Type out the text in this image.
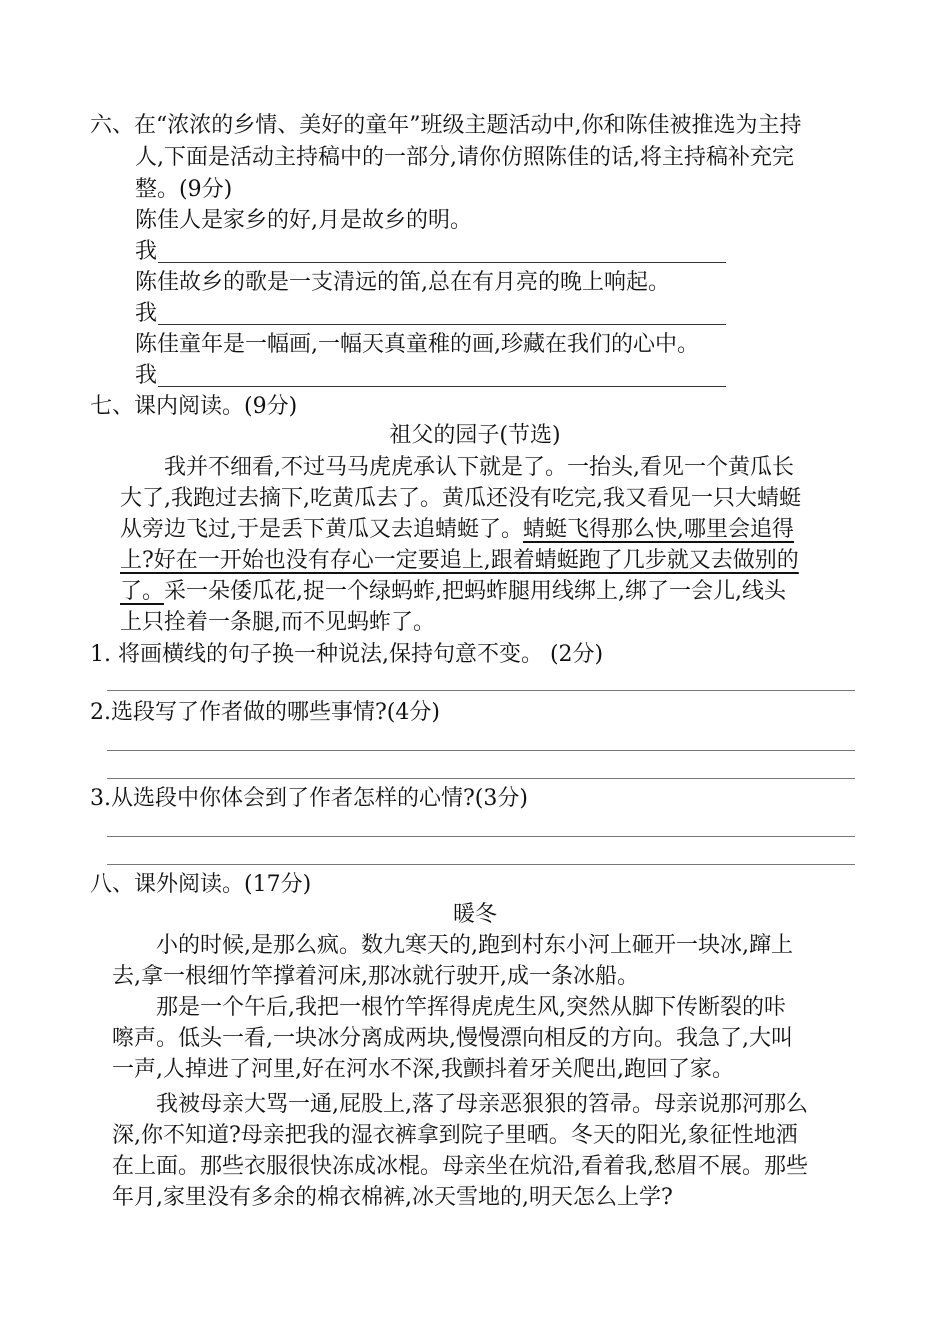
六、在“浓浓的乡情、美好的童年”班级主题活动中,你和陈佳被推选为主持
人,下面是活动主持稿中的一部分,请你仿照陈佳的话,将主持稿补充完
整。(9分)
陈佳人是家乡的好,月是故乡的明。
我
陈佳故乡的歌是一支清远的笛,总在有月亮的晚上响起。
我
陈佳童年是一幅画,一幅天真童稚的画,珍藏在我们的心中。
我
七、课内阅读。(9分)
祖父的园子(节选)
我并不细看,不过马马虎虎承认下就是了。一抬头,看见一个黄瓜长
大了,我跑过去摘下,吃黄瓜去了。黄瓜还没有吃完,我又看见一只大蜻蜓
从旁边飞过,于是丢下黄瓜又去追蜻蜓了。蜻蜓飞得那么快,哪里会追得
上?好在一开始也没有存心一定要追上,跟着蜻蜓跑了几步就又去做别的
了。采一朵倭瓜花,捉一个绿蚂蚱,把蚂蚱腿用线绑上,绑了一会儿,线头
上只拴着一条腿,而不见蚂蚱了。
1. 将画横线的句子换一种说法,保持句意不变。 (2分)
2.选段写了作者做的哪些事情?(4分)
3.从选段中你体会到了作者怎样的心情?(3分)
八、课外阅读。(17分)
暖冬
小的时候,是那么疯。数九寒天的,跑到村东小河上砸开一块冰,蹿上
去,拿一根细竹竿撑着河床,那冰就行驶开,成一条冰船。
那是一个午后,我把一根竹竿挥得虎虎生风,突然从脚下传断裂的咔
嚓声。低头一看,一块冰分离成两块,慢慢漂向相反的方向。我急了,大叫
一声,人掉进了河里,好在河水不深,我颤抖着牙关爬出,跑回了家。
我被母亲大骂一通,屁股上,落了母亲恶狠狠的笤帚。母亲说那河那么
深,你不知道?母亲把我的湿衣裤拿到院子里晒。冬天的阳光,象征性地洒
在上面。那些衣服很快冻成冰棍。母亲坐在炕沿,看着我,愁眉不展。那些
年月,家里没有多余的棉衣棉裤,冰天雪地的,明天怎么上学?
